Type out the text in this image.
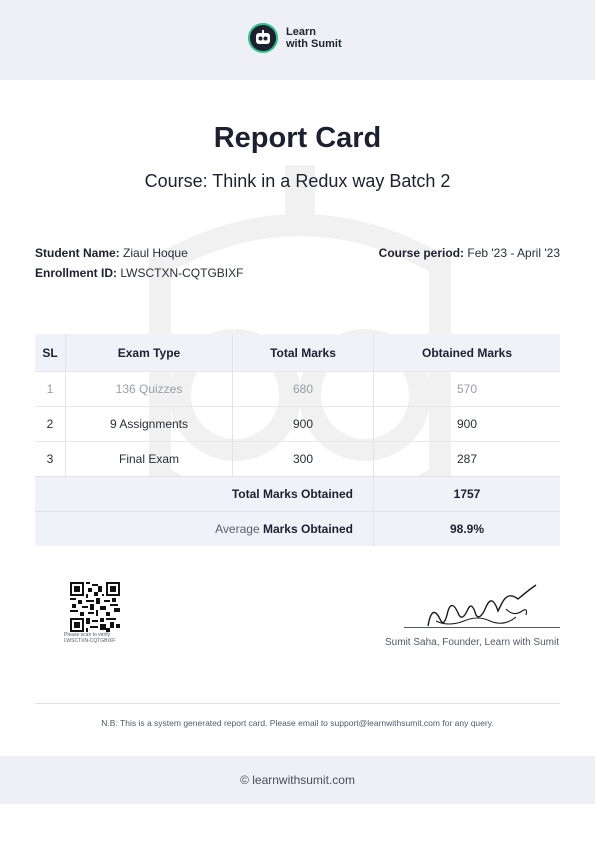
Learn
with Sumit
Report Card
Course: Think in a Redux way Batch 2
Student Name: Ziaul Hoque
Enrollment ID: LWSCTXN-CQTGBIXF
Course period: Feb '23 - April '23
SL	Exam Type	Total Marks	Obtained Marks
1	136 Quizzes	680	570
2	9 Assignments	900	900
3	Final Exam	300	287
Total Marks Obtained			1757
Average Marks Obtained			98.9%
Please scan to verify
LWSCTXN-CQTGBIXF	Sumit Saha, Founder, Learn with Sumit
N.B: This is a system generated report card. Please email to support@learnwithsumit.com for any query.
© learnwithsumit.com
